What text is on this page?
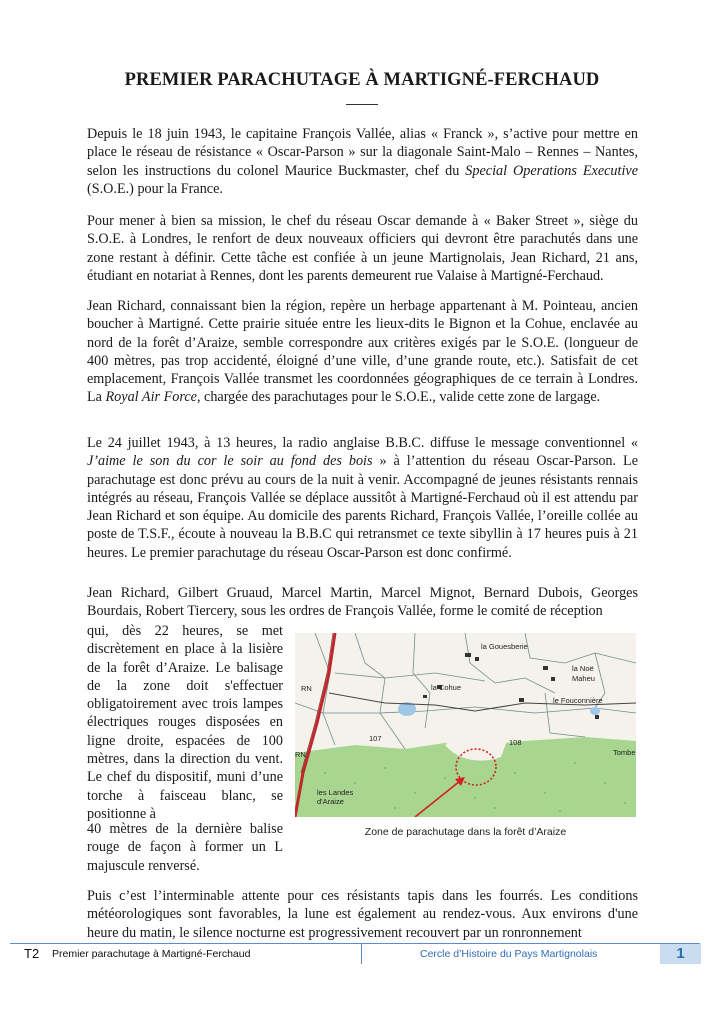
PREMIER PARACHUTAGE À MARTIGNÉ-FERCHAUD

Depuis le 18 juin 1943, le capitaine François Vallée, alias « Franck », s’active pour mettre en place le réseau de résistance « Oscar-Parson » sur la diagonale Saint-Malo – Rennes – Nantes, selon les instructions du colonel Maurice Buckmaster, chef du Special Operations Executive (S.O.E.) pour la France.

Pour mener à bien sa mission, le chef du réseau Oscar demande à « Baker Street », siège du S.O.E. à Londres, le renfort de deux nouveaux officiers qui devront être parachutés dans une zone restant à définir. Cette tâche est confiée à un jeune Martignolais, Jean Richard, 21 ans, étudiant en notariat à Rennes, dont les parents demeurent rue Valaise à Martigné-Ferchaud.

Jean Richard, connaissant bien la région, repère un herbage appartenant à M. Pointeau, ancien boucher à Martigné. Cette prairie située entre les lieux-dits le Bignon et la Cohue, enclavée au nord de la forêt d’Araize, semble correspondre aux critères exigés par le S.O.E. (longueur de 400 mètres, pas trop accidenté, éloigné d’une ville, d’une grande route, etc.). Satisfait de cet emplacement, François Vallée transmet les coordonnées géographiques de ce terrain à Londres. La Royal Air Force, chargée des parachutages pour le S.O.E., valide cette zone de largage.

Le 24 juillet 1943, à 13 heures, la radio anglaise B.B.C. diffuse le message conventionnel « J’aime le son du cor le soir au fond des bois » à l’attention du réseau Oscar-Parson. Le parachutage est donc prévu au cours de la nuit à venir. Accompagné de jeunes résistants rennais intégrés au réseau, François Vallée se déplace aussitôt à Martigné-Ferchaud où il est attendu par Jean Richard et son équipe. Au domicile des parents Richard, François Vallée, l’oreille collée au poste de T.S.F., écoute à nouveau la B.B.C qui retransmet ce texte sibyllin à 17 heures puis à 21 heures. Le premier parachutage du réseau Oscar-Parson est donc confirmé.

Jean Richard, Gilbert Gruaud, Marcel Martin, Marcel Mignot, Bernard Dubois, Georges Bourdais, Robert Tiercery, sous les ordres de François Vallée, forme le comité de réception

qui, dès 22 heures, se met discrètement en place à la lisière de la forêt d’Araize. Le balisage de la zone doit s'effectuer obligatoirement avec trois lampes électriques rouges disposées en ligne droite, espacées de 100 mètres, dans la direction du vent. Le chef du dispositif, muni d’une torche à faisceau blanc, se positionne à

40 mètres de la dernière balise rouge de façon à former un L majuscule renversé.

la Gouesberie
la Noë
Maheu
la Cohue
le Fouconnière
les Landes
d'Araize
RN
RN
107	108
Tombe
Zone de parachutage dans la forêt d’Araize

Puis c’est l’interminable attente pour ces résistants tapis dans les fourrés. Les conditions météorologiques sont favorables, la lune est également au rendez-vous. Aux environs d'une heure du matin, le silence nocturne est progressivement recouvert par un ronronnement

T2 Premier parachutage à Martigné-Ferchaud	Cercle d’Histoire du Pays Martignolais	1
